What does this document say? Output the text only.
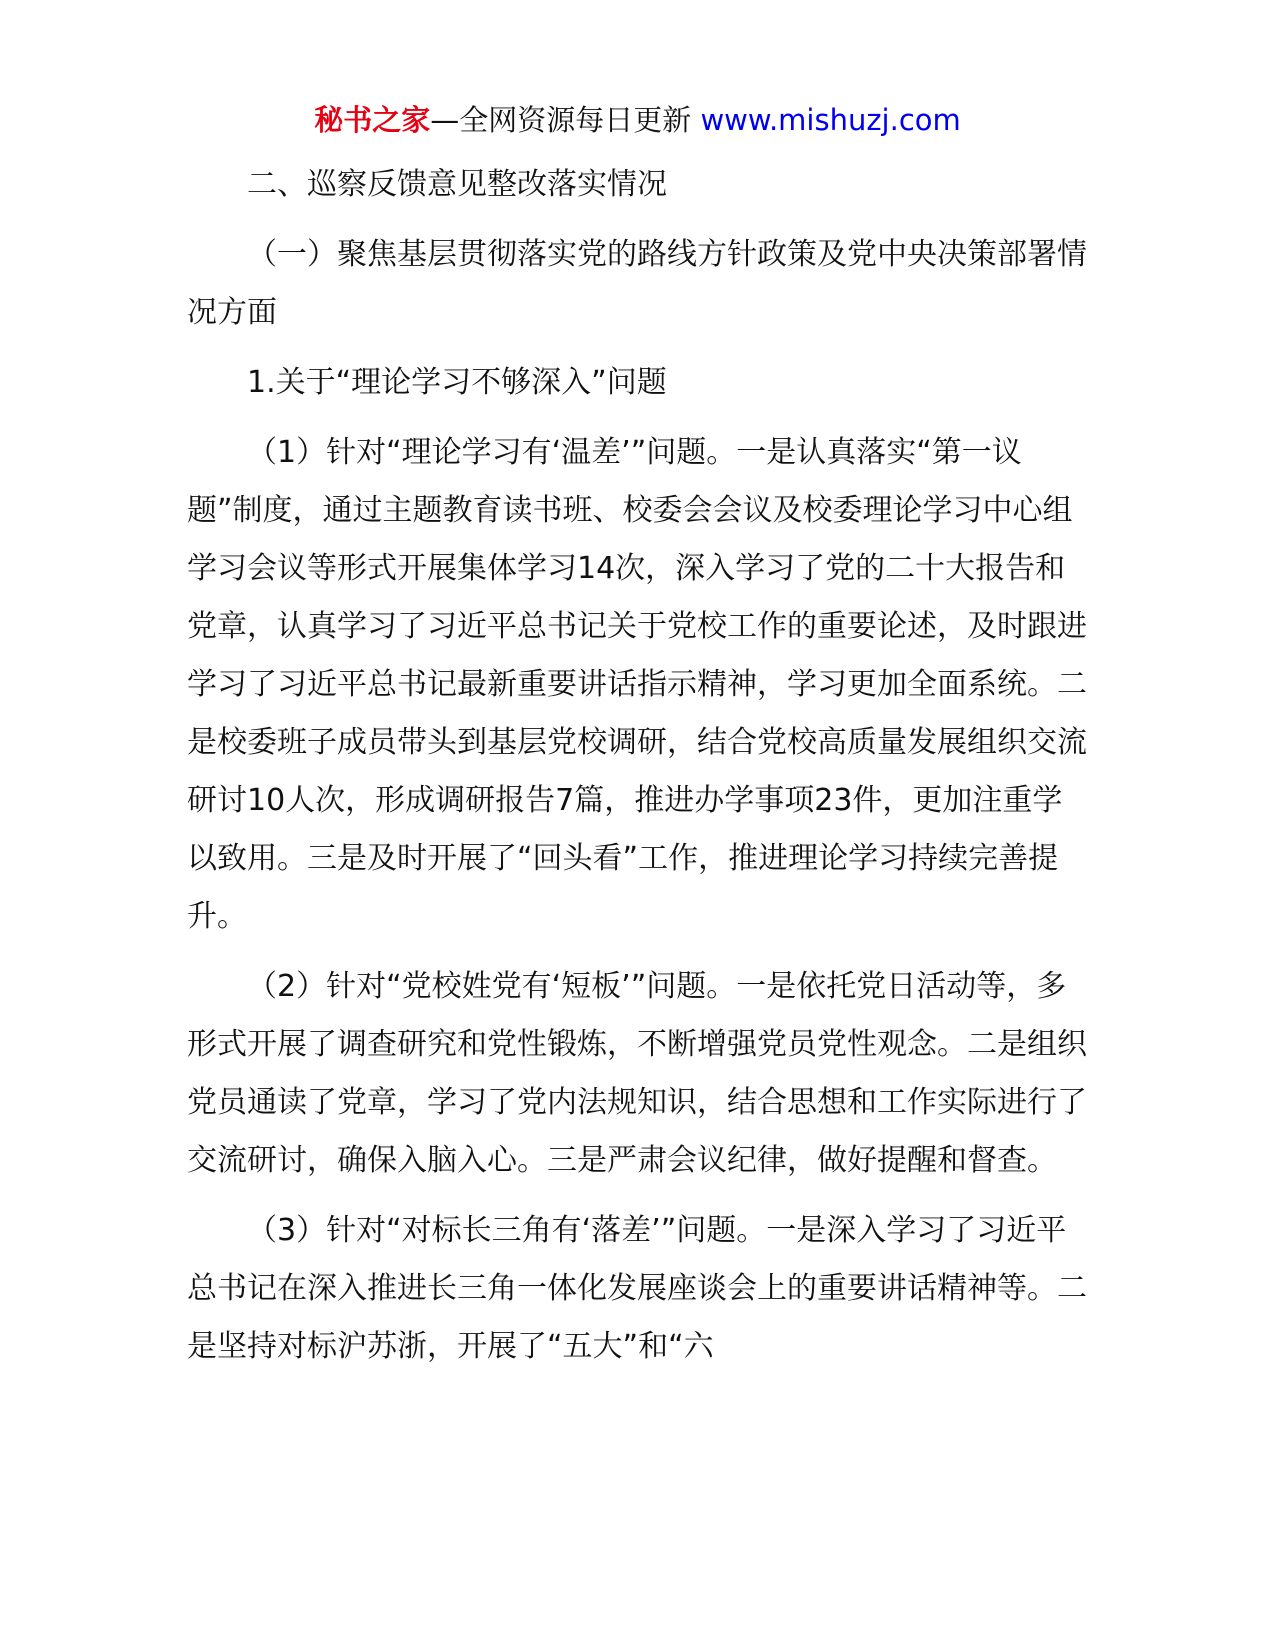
秘书之家—全网资源每日更新 www.mishuzj.com

二、巡察反馈意见整改落实情况

（一）聚焦基层贯彻落实党的路线方针政策及党中央决策部署情况方面

1.关于“理论学习不够深入”问题

（1）针对“理论学习有‘温差’”问题。一是认真落实“第一议题”制度，通过主题教育读书班、校委会会议及校委理论学习中心组学习会议等形式开展集体学习14次，深入学习了党的二十大报告和党章，认真学习了习近平总书记关于党校工作的重要论述，及时跟进学习了习近平总书记最新重要讲话指示精神，学习更加全面系统。二是校委班子成员带头到基层党校调研，结合党校高质量发展组织交流研讨10人次，形成调研报告7篇，推进办学事项23件，更加注重学以致用。三是及时开展了“回头看”工作，推进理论学习持续完善提升。

（2）针对“党校姓党有‘短板’”问题。一是依托党日活动等，多形式开展了调查研究和党性锻炼，不断增强党员党性观念。二是组织党员通读了党章，学习了党内法规知识，结合思想和工作实际进行了交流研讨，确保入脑入心。三是严肃会议纪律，做好提醒和督查。

（3）针对“对标长三角有‘落差’”问题。一是深入学习了习近平总书记在深入推进长三角一体化发展座谈会上的重要讲话精神等。二是坚持对标沪苏浙，开展了“五大”和“六
